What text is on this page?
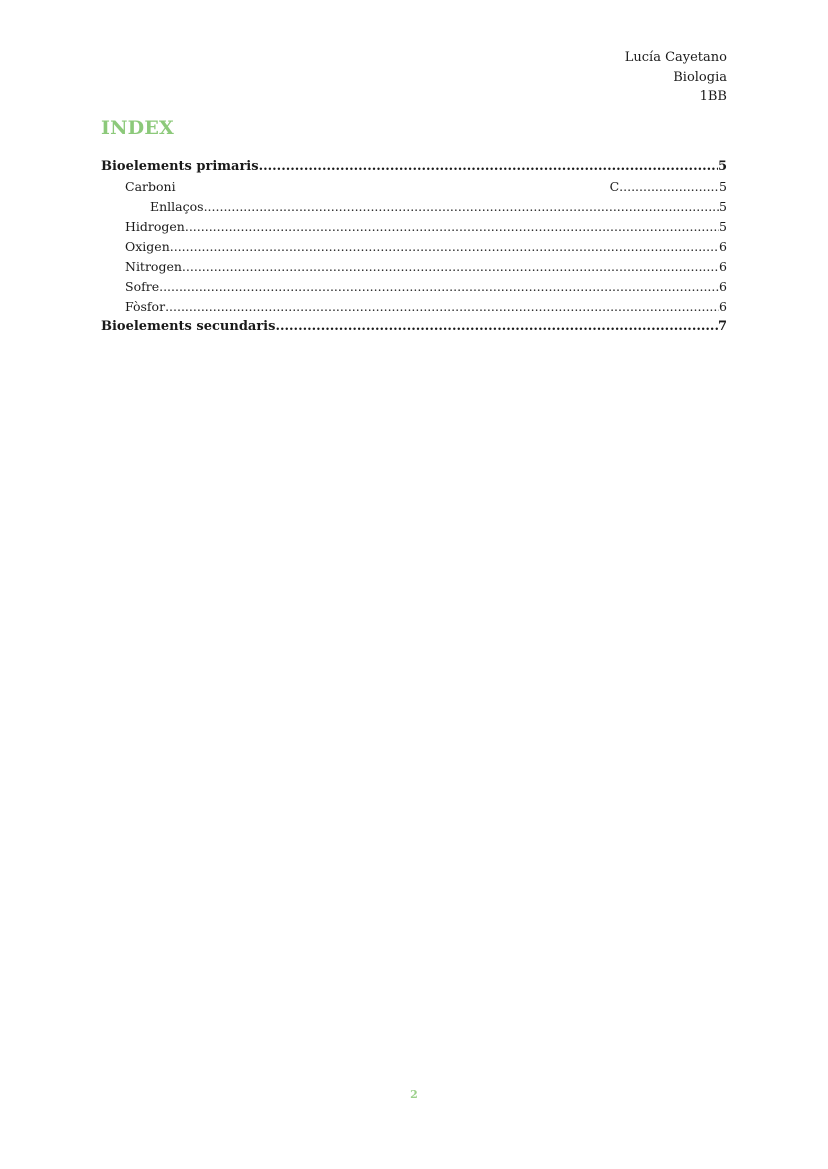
Lucía Cayetano
Biologia
1BB
INDEX
Bioelements primaris .....	5
Carboni	C .....	5
Enllaços .....	5
Hidrogen .....	5
Oxigen .....	6
Nitrogen .....	6
Sofre .....	6
Fòsfor .....	6
Bioelements secundaris .....	7
2
